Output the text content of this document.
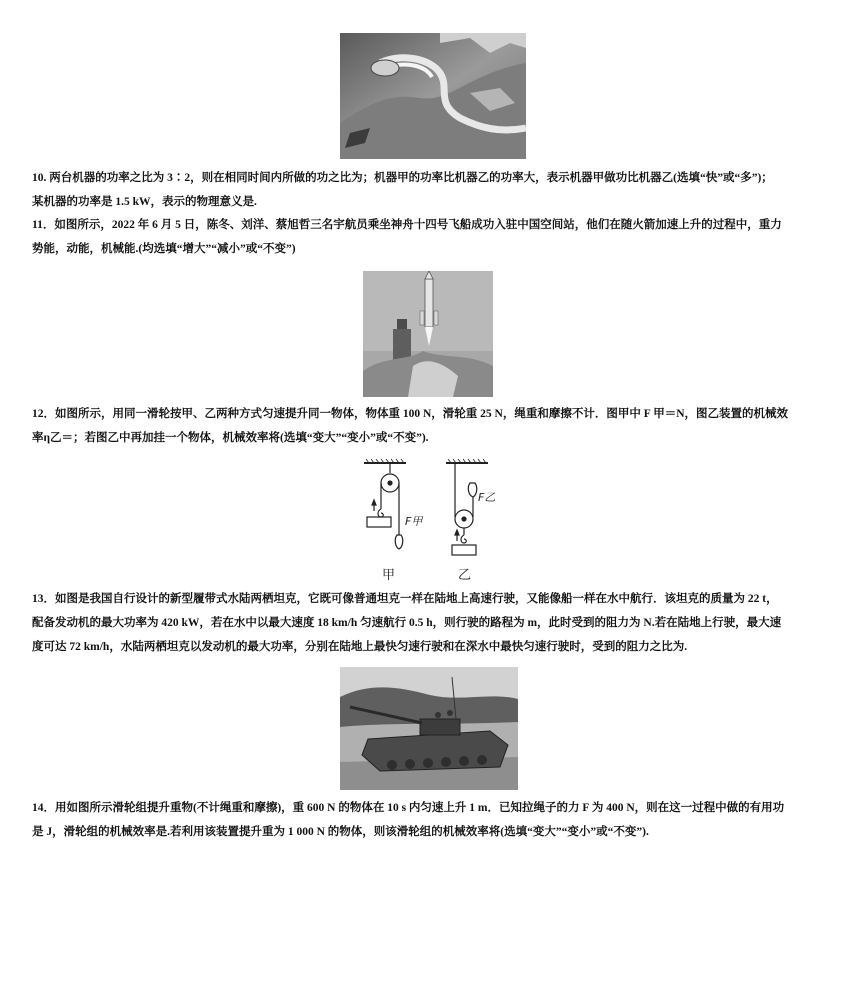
10. 两台机器的功率之比为 3∶2，则在相同时间内所做的功之比为；机器甲的功率比机器乙的功率大，表示机器甲做功比机器乙(选填“快”或“多”)；
某机器的功率是 1.5 kW，表示的物理意义是.
11．如图所示，2022 年 6 月 5 日，陈冬、刘洋、蔡旭哲三名宇航员乘坐神舟十四号飞船成功入驻中国空间站，他们在随火箭加速上升的过程中，重力
势能，动能，机械能.(均选填“增大”“减小”或“不变”)
12．如图所示，用同一滑轮按甲、乙两种方式匀速提升同一物体，物体重 100 N，滑轮重 25 N，绳重和摩擦不计．图甲中 F 甲＝N，图乙装置的机械效
率η乙＝；若图乙中再加挂一个物体，机械效率将(选填“变大”“变小”或“不变”).
F甲
F乙
甲	乙
13．如图是我国自行设计的新型履带式水陆两栖坦克，它既可像普通坦克一样在陆地上高速行驶，又能像船一样在水中航行．该坦克的质量为 22 t，
配备发动机的最大功率为 420 kW，若在水中以最大速度 18 km/h 匀速航行 0.5 h，则行驶的路程为 m，此时受到的阻力为 N.若在陆地上行驶，最大速
度可达 72 km/h，水陆两栖坦克以发动机的最大功率，分别在陆地上最快匀速行驶和在深水中最快匀速行驶时，受到的阻力之比为.
14．用如图所示滑轮组提升重物(不计绳重和摩擦)，重 600 N 的物体在 10 s 内匀速上升 1 m．已知拉绳子的力 F 为 400 N，则在这一过程中做的有用功
是 J，滑轮组的机械效率是.若利用该装置提升重为 1 000 N 的物体，则该滑轮组的机械效率将(选填“变大”“变小”或“不变”).
